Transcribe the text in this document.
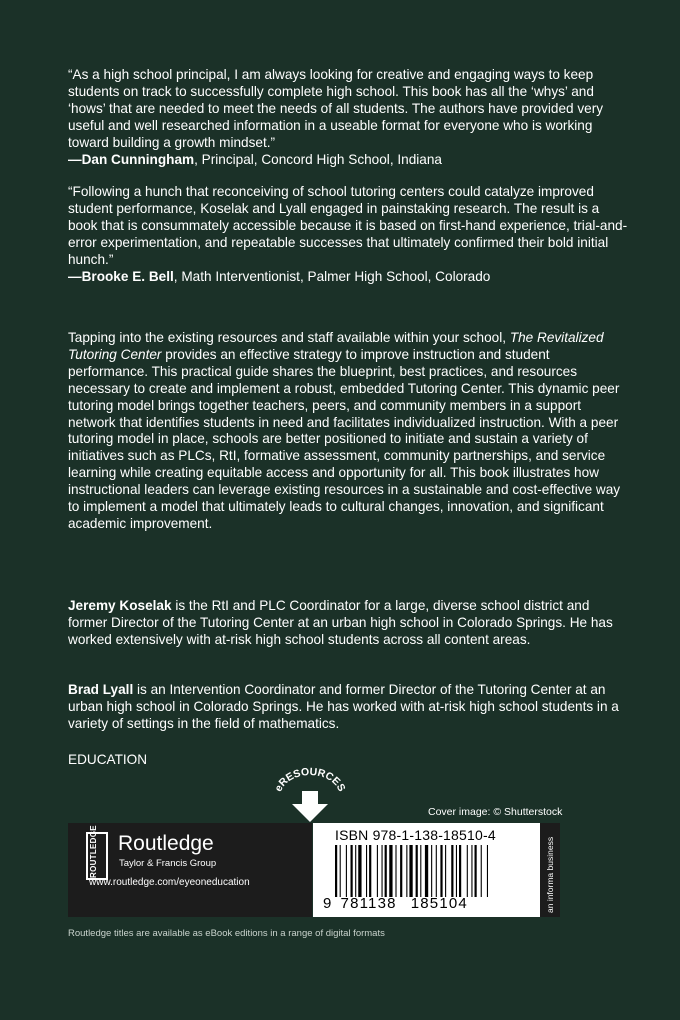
“As a high school principal, I am always looking for creative and engaging ways to keep students on track to successfully complete high school. This book has all the ‘whys’ and ‘hows’ that are needed to meet the needs of all students. The authors have provided very useful and well researched information in a useable format for everyone who is working toward building a growth mindset.”
—Dan Cunningham, Principal, Concord High School, Indiana

“Following a hunch that reconceiving of school tutoring centers could catalyze improved student performance, Koselak and Lyall engaged in painstaking research. The result is a book that is consummately accessible because it is based on first-hand experience, trial-and-error experimentation, and repeatable successes that ultimately confirmed their bold initial hunch.”
—Brooke E. Bell, Math Interventionist, Palmer High School, Colorado

Tapping into the existing resources and staff available within your school, The Revitalized Tutoring Center provides an effective strategy to improve instruction and student performance. This practical guide shares the blueprint, best practices, and resources necessary to create and implement a robust, embedded Tutoring Center. This dynamic peer tutoring model brings together teachers, peers, and community members in a support network that identifies students in need and facilitates individualized instruction. With a peer tutoring model in place, schools are better positioned to initiate and sustain a variety of initiatives such as PLCs, RtI, formative assessment, community partnerships, and service learning while creating equitable access and opportunity for all. This book illustrates how instructional leaders can leverage existing resources in a sustainable and cost-effective way to implement a model that ultimately leads to cultural changes, innovation, and significant academic improvement.

Jeremy Koselak is the RtI and PLC Coordinator for a large, diverse school district and former Director of the Tutoring Center at an urban high school in Colorado Springs. He has worked extensively with at-risk high school students across all content areas.

Brad Lyall is an Intervention Coordinator and former Director of the Tutoring Center at an urban high school in Colorado Springs. He has worked with at-risk high school students in a variety of settings in the field of mathematics.

EDUCATION
eRESOURCES
Cover image: © Shutterstock
ROUTLEDGE Routledge
Taylor & Francis Group
www.routledge.com/eyeoneducation
ISBN 978-1-138-18510-4
9 781138 185104	an informa business
Routledge titles are available as eBook editions in a range of digital formats
